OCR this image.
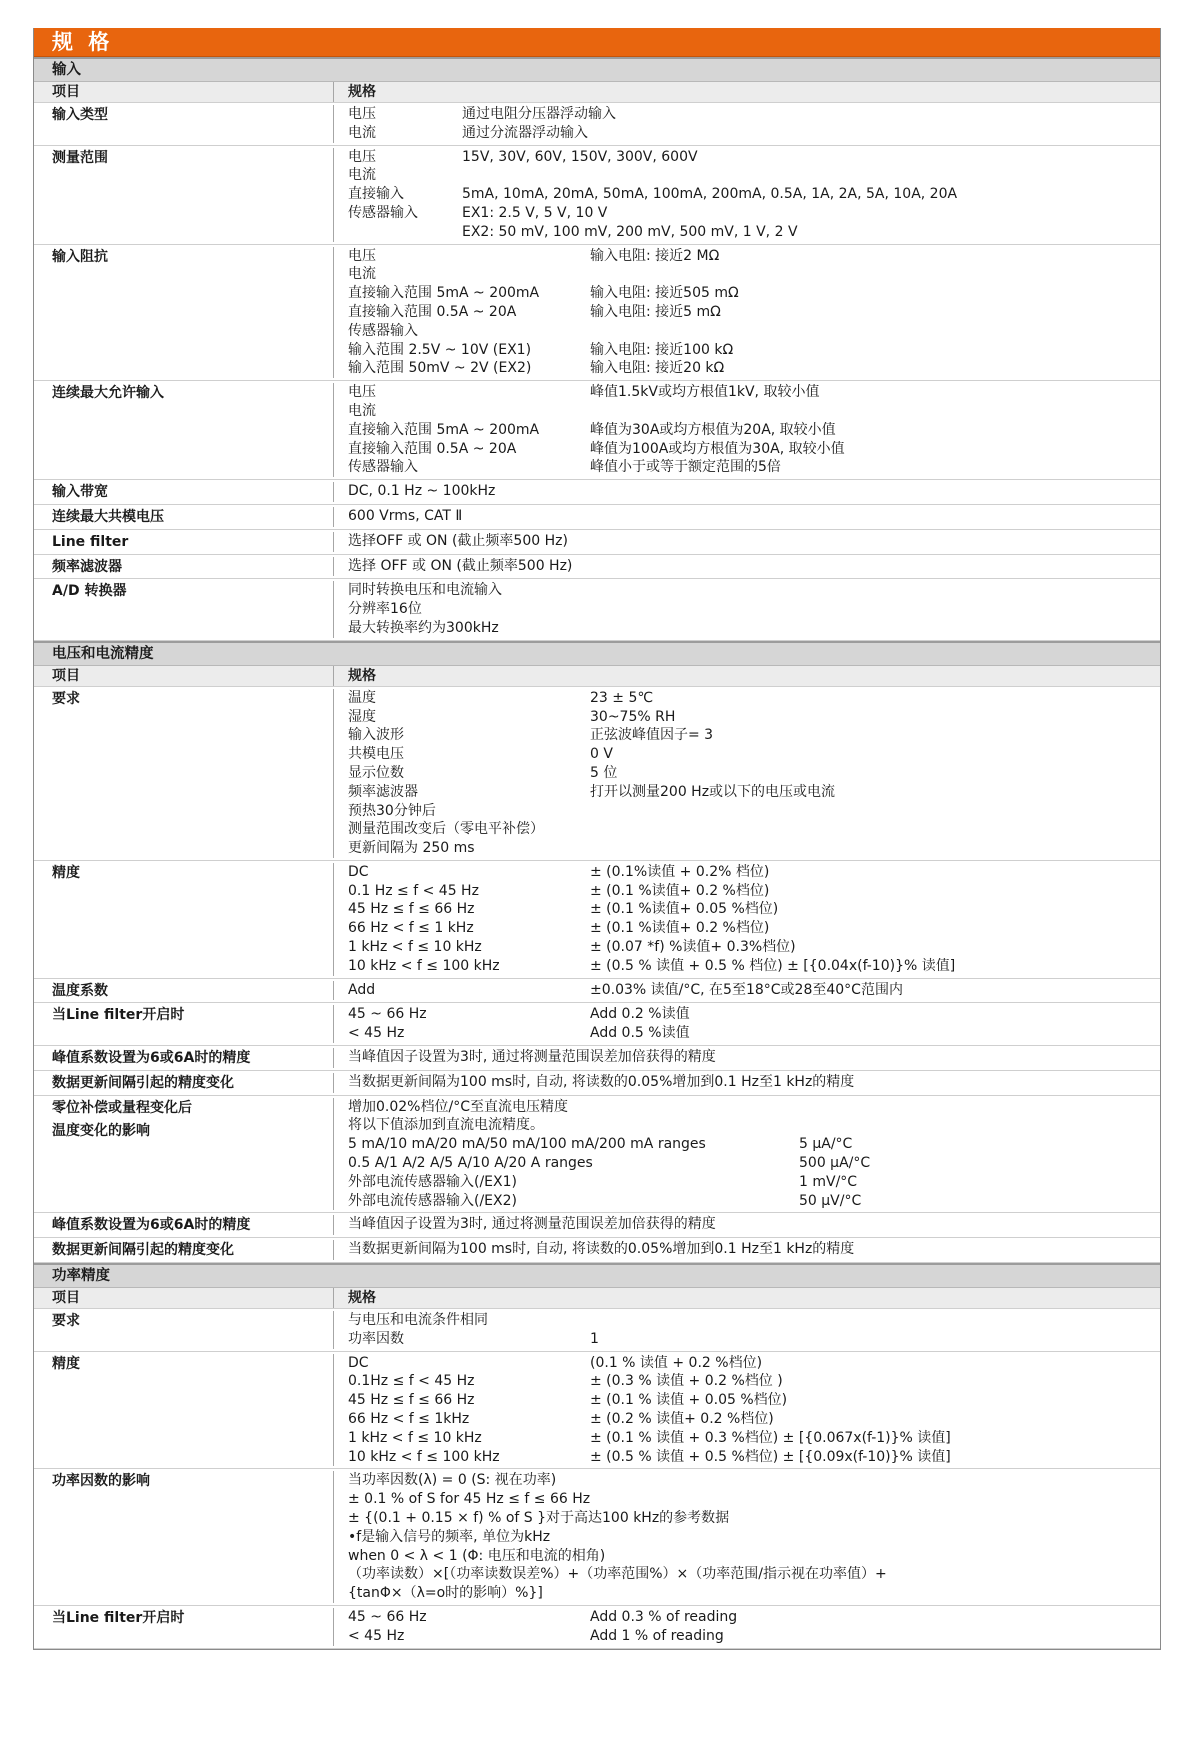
规 格
输入
项目	规格
输入类型	电压	通过电阻分压器浮动输入
电流	通过分流器浮动输入
测量范围	电压	15V, 30V, 60V, 150V, 300V, 600V
电流
直接输入	5mA, 10mA, 20mA, 50mA, 100mA, 200mA, 0.5A, 1A, 2A, 5A, 10A, 20A
传感器输入	EX1: 2.5 V, 5 V, 10 V
EX2: 50 mV, 100 mV, 200 mV, 500 mV, 1 V, 2 V
输入阻抗	电压	输入电阻: 接近2 MΩ
电流
直接输入范围 5mA ~ 200mA	输入电阻: 接近505 mΩ
直接输入范围 0.5A ~ 20A	输入电阻: 接近5 mΩ
传感器输入
输入范围 2.5V ~ 10V (EX1)	输入电阻: 接近100 kΩ
输入范围 50mV ~ 2V (EX2)	输入电阻: 接近20 kΩ
连续最大允许输入	电压	峰值1.5kV或均方根值1kV, 取较小值
电流
直接输入范围 5mA ~ 200mA	峰值为30A或均方根值为20A, 取较小值
直接输入范围 0.5A ~ 20A	峰值为100A或均方根值为30A, 取较小值
传感器输入	峰值小于或等于额定范围的5倍
输入带宽	DC, 0.1 Hz ~ 100kHz
连续最大共模电压	600 Vrms, CAT Ⅱ
Line filter	选择OFF 或 ON (截止频率500 Hz)
频率滤波器	选择 OFF 或 ON (截止频率500 Hz)
A/D 转换器	同时转换电压和电流输入
分辨率16位
最大转换率约为300kHz
电压和电流精度
项目	规格
要求	温度	23 ± 5℃
湿度	30~75% RH
输入波形	正弦波峰值因子= 3
共模电压	0 V
显示位数	5 位
频率滤波器	打开以测量200 Hz或以下的电压或电流
预热30分钟后
测量范围改变后（零电平补偿）
更新间隔为 250 ms
精度	DC	± (0.1%读值 + 0.2% 档位)
0.1 Hz ≤ f < 45 Hz	± (0.1 %读值+ 0.2 %档位)
45 Hz ≤ f ≤ 66 Hz	± (0.1 %读值+ 0.05 %档位)
66 Hz < f ≤ 1 kHz	± (0.1 %读值+ 0.2 %档位)
1 kHz < f ≤ 10 kHz	± (0.07 *f) %读值+ 0.3%档位)
10 kHz < f ≤ 100 kHz	± (0.5 % 读值 + 0.5 % 档位) ± [{0.04x(f-10)}% 读值]
温度系数	Add	±0.03% 读值/°C, 在5至18°C或28至40°C范围内
当Line filter开启时	45 ~ 66 Hz	Add 0.2 %读值
< 45 Hz	Add 0.5 %读值
峰值系数设置为6或6A时的精度	当峰值因子设置为3时, 通过将测量范围误差加倍获得的精度
数据更新间隔引起的精度变化	当数据更新间隔为100 ms时, 自动, 将读数的0.05%增加到0.1 Hz至1 kHz的精度
零位补偿或量程变化后
温度变化的影响
增加0.02%档位/°C至直流电压精度
将以下值添加到直流电流精度。
5 mA/10 mA/20 mA/50 mA/100 mA/200 mA ranges	5 μA/°C
0.5 A/1 A/2 A/5 A/10 A/20 A ranges	500 μA/°C
外部电流传感器输入(/EX1)	1 mV/°C
外部电流传感器输入(/EX2)	50 μV/°C
峰值系数设置为6或6A时的精度	当峰值因子设置为3时, 通过将测量范围误差加倍获得的精度
数据更新间隔引起的精度变化	当数据更新间隔为100 ms时, 自动, 将读数的0.05%增加到0.1 Hz至1 kHz的精度
功率精度
项目	规格
要求	与电压和电流条件相同
功率因数	1
精度	DC	(0.1 % 读值 + 0.2 %档位)
0.1Hz ≤ f < 45 Hz	± (0.3 % 读值 + 0.2 %档位 )
45 Hz ≤ f ≤ 66 Hz	± (0.1 % 读值 + 0.05 %档位)
66 Hz < f ≤ 1kHz	± (0.2 % 读值+ 0.2 %档位)
1 kHz < f ≤ 10 kHz	± (0.1 % 读值 + 0.3 %档位) ± [{0.067x(f-1)}% 读值]
10 kHz < f ≤ 100 kHz	± (0.5 % 读值 + 0.5 %档位) ± [{0.09x(f-10)}% 读值]
功率因数的影响	当功率因数(λ) = 0 (S: 视在功率)
± 0.1 % of S for 45 Hz ≤ f ≤ 66 Hz
± {(0.1 + 0.15 × f) % of S }对于高达100 kHz的参考数据
•f是输入信号的频率, 单位为kHz
when 0 < λ < 1 (Φ: 电压和电流的相角)
（功率读数）×[（功率读数误差%）+（功率范围%）×（功率范围/指示视在功率值）+
{tanΦ×（λ=o时的影响）%}]
当Line filter开启时	45 ~ 66 Hz	Add 0.3 % of reading
< 45 Hz	Add 1 % of reading
